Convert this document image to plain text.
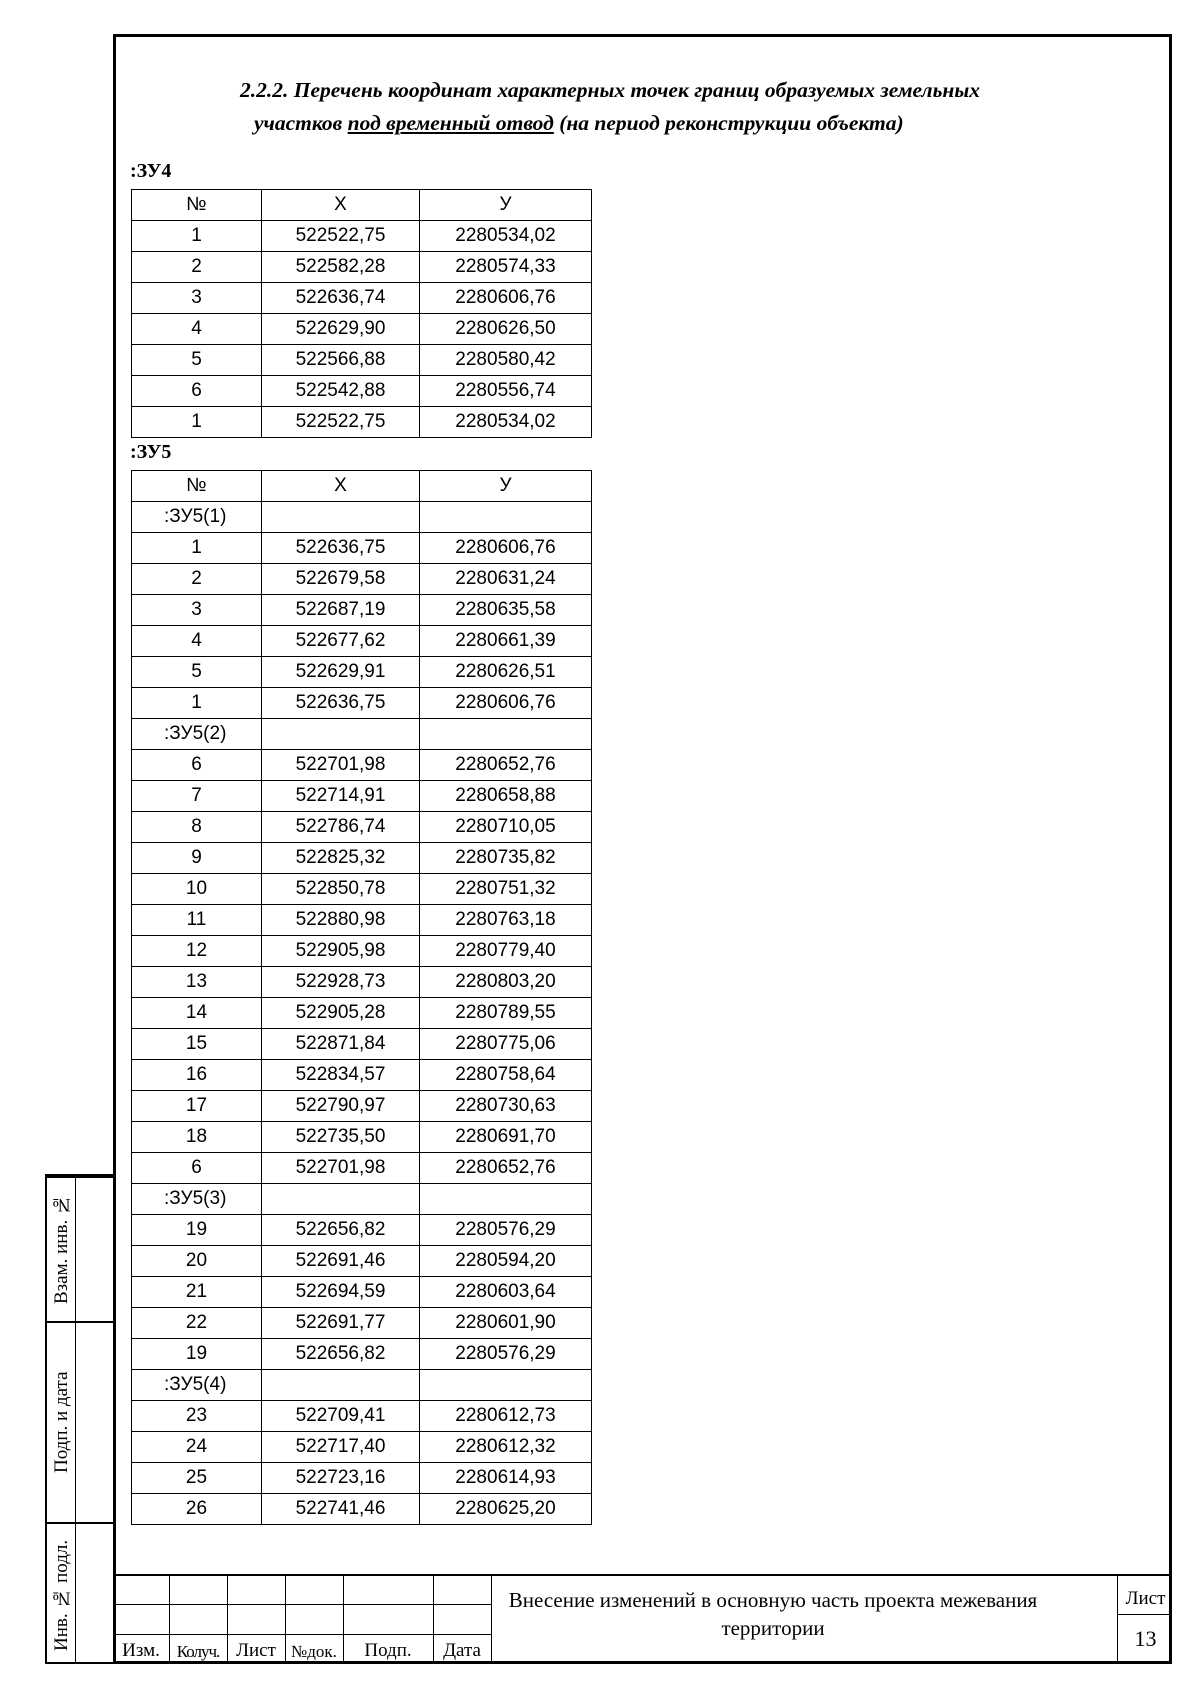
2.2.2. Перечень координат характерных точек границ образуемых земельных
участков под временный отвод (на период реконструкции объекта)
:ЗУ4
№	Х	У
1	522522,75	2280534,02
2	522582,28	2280574,33
3	522636,74	2280606,76
4	522629,90	2280626,50
5	522566,88	2280580,42
6	522542,88	2280556,74
1	522522,75	2280534,02
:ЗУ5
№	Х	У
:ЗУ5(1)		
1	522636,75	2280606,76
2	522679,58	2280631,24
3	522687,19	2280635,58
4	522677,62	2280661,39
5	522629,91	2280626,51
1	522636,75	2280606,76
:ЗУ5(2)		
6	522701,98	2280652,76
7	522714,91	2280658,88
8	522786,74	2280710,05
9	522825,32	2280735,82
10	522850,78	2280751,32
11	522880,98	2280763,18
12	522905,98	2280779,40
13	522928,73	2280803,20
14	522905,28	2280789,55
15	522871,84	2280775,06
16	522834,57	2280758,64
17	522790,97	2280730,63
18	522735,50	2280691,70
6	522701,98	2280652,76
:ЗУ5(3)		
19	522656,82	2280576,29
20	522691,46	2280594,20
21	522694,59	2280603,64
22	522691,77	2280601,90
19	522656,82	2280576,29
:ЗУ5(4)		
23	522709,41	2280612,73
24	522717,40	2280612,32
25	522723,16	2280614,93
26	522741,46	2280625,20
Взам. инв. №
Подп. и дата
Инв. № подл.	Изм. Колуч. Лист №док.	Подп.	Дата
Внесение изменений в основную часть проекта межевания территории
Лист
13
